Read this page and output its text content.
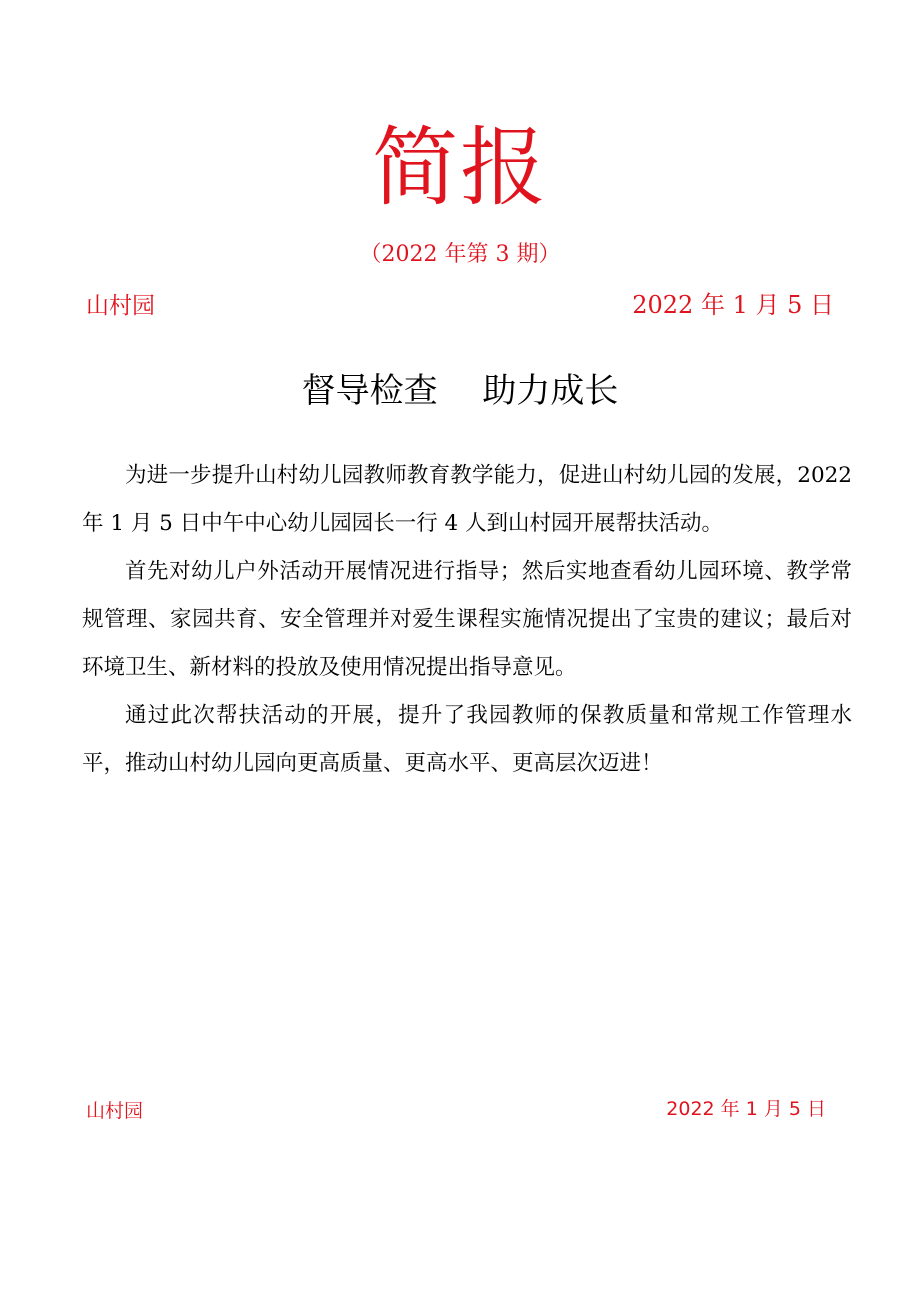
简报
（2022 年第 3 期）
山村园	2022 年 1 月 5 日
督导检查　 助力成长

为进一步提升山村幼儿园教师教育教学能力，促进山村幼儿园的发展，2022 年 1 月 5 日中午中心幼儿园园长一行 4 人到山村园开展帮扶活动。

首先对幼儿户外活动开展情况进行指导；然后实地查看幼儿园环境、教学常规管理、家园共育、安全管理并对爱生课程实施情况提出了宝贵的建议；最后对环境卫生、新材料的投放及使用情况提出指导意见。

通过此次帮扶活动的开展，提升了我园教师的保教质量和常规工作管理水平，推动山村幼儿园向更高质量、更高水平、更高层次迈进！

山村园	2022 年 1 月 5 日
